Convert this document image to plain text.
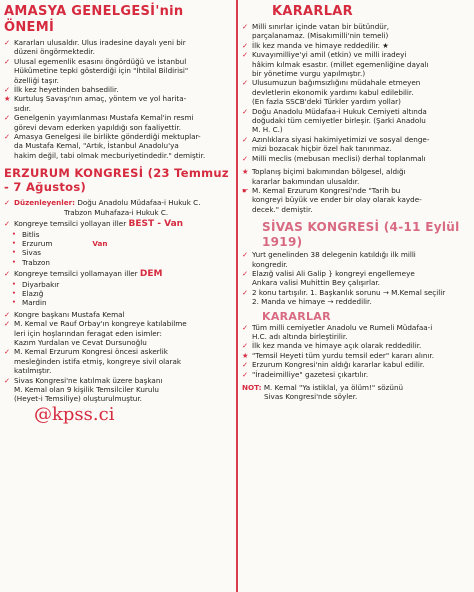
AMASYA GENELGESİ'nin ÖNEMİ
✓ Kararları ulusaldır. Ulus iradesine dayalı yeni bir
düzeni öngörmektedir.
✓ Ulusal egemenlik esasını öngördüğü ve İstanbul
Hükümetine tepki gösterdiği için "İhtilal Bildirisi"
özelliği taşır.
✓ İlk kez heyetinden bahsedilir.
★ Kurtuluş Savaşı'nın amaç, yöntem ve yol harita-
sıdır.
✓ Genelgenin yayımlanması Mustafa Kemal'in resmi
görevi devam ederken yapıldığı son faaliyettir.
✓ Amasya Genelgesi ile birlikte gönderdiği mektuplar-
da Mustafa Kemal, "Artık, İstanbul Anadolu'ya
hakim değil, tabi olmak mecburiyetindedir." demiştir.
ERZURUM KONGRESİ (23 Temmuz - 7 Ağustos)
✓ Düzenleyenler: Doğu Anadolu Müdafaa-i Hukuk C.
Trabzon Muhafaza-i Hukuk C.
✓ Kongreye temsilci yollayan iller BEST - Van
• Bitlis
• Erzurum	Van
• Sivas
• Trabzon
✓ Kongreye temsilci yollamayan iller DEM
• Diyarbakır
• Elazığ
• Mardin
✓ Kongre başkanı Mustafa Kemal
✓ M. Kemal ve Rauf Orbay'ın kongreye katılabilme
leri için hoşlarından feragat eden isimler:
Kazım Yurdalan ve Cevat Dursunoğlu
✓ M. Kemal Erzurum Kongresi öncesi askerlik
mesleğinden istifa etmiş, kongreye sivil olarak
katılmıştır.
✓ Sivas Kongresi'ne katılmak üzere başkanı
M. Kemal olan 9 kişilik Temsilciler Kurulu
(Heyet-i Temsiliye) oluşturulmuştur.
@kpss.ci
KARARLAR
✓ Milli sınırlar içinde vatan bir bütündür,
parçalanamaz. (Misakımilli'nin temeli)
✓ İlk kez manda ve himaye reddedilir. ★
✓ Kuvayımilliye'yi amil (etkin) ve milli iradeyi
hâkim kılmak esastır. (millet egemenliğine dayalı
bir yönetime vurgu yapılmıştır.)
✓ Ulusumuzun bağımsızlığını müdahale etmeyen
devletlerin ekonomik yardımı kabul edilebilir.
(En fazla SSCB'deki Türkler yardım yollar)
✓ Doğu Anadolu Müdafaa-i Hukuk Cemiyeti altında
doğudaki tüm cemiyetler birleşir. (Şarki Anadolu
M. H. C.)
✓ Azınlıklara siyasi hakimiyetimizi ve sosyal denge-
mizi bozacak hiçbir özel hak tanınmaz.
✓ Milli meclis (mebusan meclisi) derhal toplanmalı
★ Toplanış biçimi bakımından bölgesel, aldığı
kararlar bakımından ulusaldır.
☛ M. Kemal Erzurum Kongresi'nde "Tarih bu
kongreyi büyük ve ender bir olay olarak kayde-
decek." demiştir.
SİVAS KONGRESİ (4-11 Eylül 1919)
✓ Yurt genelinden 38 delegenin katıldığı ilk milli
kongredir.
✓ Elazığ valisi Ali Galip } kongreyi engellemeye
Ankara valisi Muhittin Bey çalışırlar.
✓ 2 konu tartışılır. 1. Başkanlık sorunu → M.Kemal seçilir
2. Manda ve himaye → reddedilir.
KARARLAR
✓ Tüm milli cemiyetler Anadolu ve Rumeli Müdafaa-i
H.C. adı altında birleştirilir.
✓ İlk kez manda ve himaye açık olarak reddedilir.
★ "Temsil Heyeti tüm yurdu temsil eder" kararı alınır.
✓ Erzurum Kongresi'nin aldığı kararlar kabul edilir.
✓ "İradeimilliye" gazetesi çıkartılır.
NOT: M. Kemal "Ya istiklal, ya ölüm!" sözünü
Sivas Kongresi'nde söyler.
